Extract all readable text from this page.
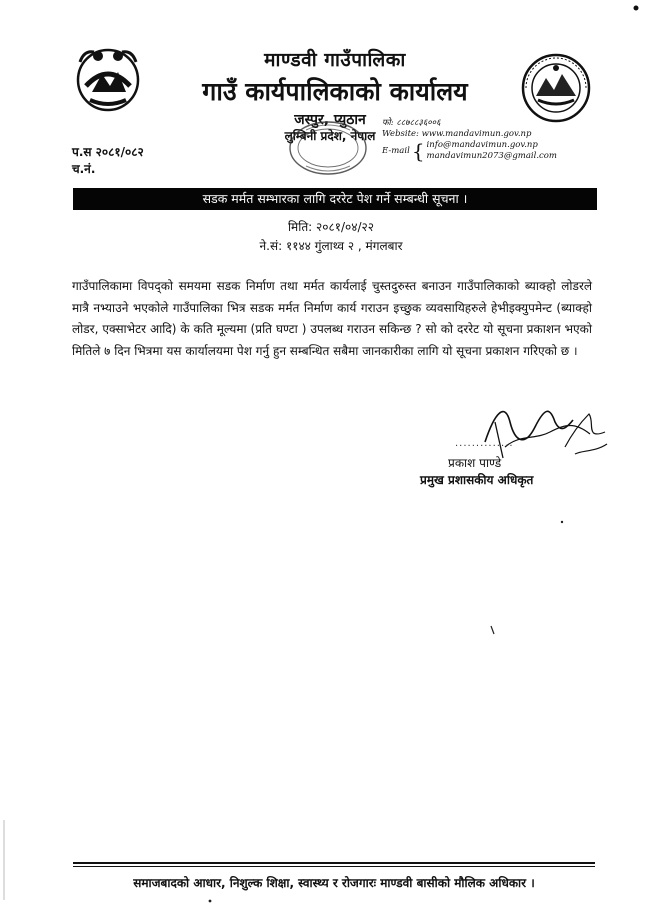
माण्डवी गाउँपालिका
गाउँ कार्यपालिकाको कार्यालय
जस्पुर, प्युठान
लुम्बिनी प्रदेश, नेपाल
फो: ८८७८८३६००६
Website: www.mandavimun.gov.np
E-mail { info@mandavimun.gov.np
mandavimun2073@gmail.com
प.स २०८१/०८२
च.नं.
सडक मर्मत सम्भारका लागि दररेट पेश गर्ने सम्बन्धी सूचना ।
मिति: २०८१/०४/२२
ने.सं: ११४४ गुंलाथ्व २ , मंगलबार
गाउँपालिकामा विपद्को समयमा सडक निर्माण तथा मर्मत कार्यलाई चुस्तदुरुस्त बनाउन गाउँपालिकाको ब्याक्हो लोडरले मात्रै नभ्याउने भएकोले गाउँपालिका भित्र सडक मर्मत निर्माण कार्य गराउन इच्छुक व्यवसायिहरुले हेभीइक्युपमेन्ट (ब्याक्हो लोडर, एक्साभेटर आदि) के कति मूल्यमा (प्रति घण्टा ) उपलब्ध गराउन सकिन्छ ? सो को दररेट यो सूचना प्रकाशन भएको मितिले ७ दिन भित्रमा यस कार्यालयमा पेश गर्नु हुन सम्बन्धित सबैमा जानकारीका लागि यो सूचना प्रकाशन गरिएको छ ।
..............
प्रकाश पाण्डे
प्रमुख प्रशासकीय अधिकृत
समाजबादको आधार, निशुल्क शिक्षा, स्वास्थ्य र रोजगारः माण्डवी बासीको मौलिक अधिकार ।
